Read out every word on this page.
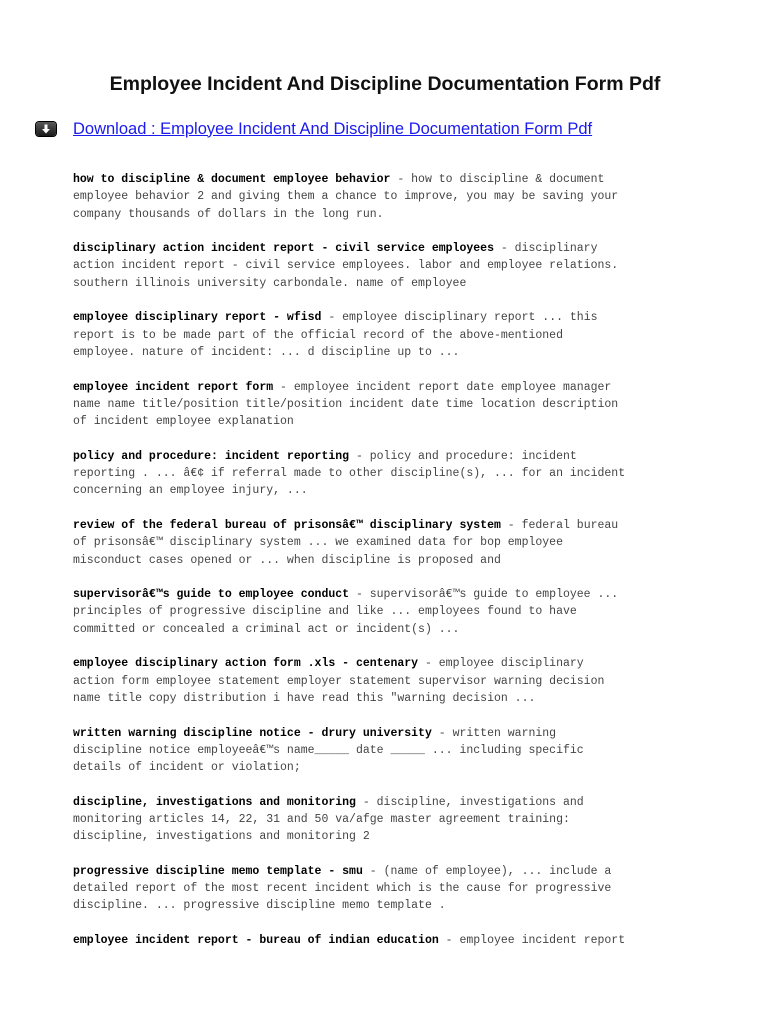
Employee Incident And Discipline Documentation Form Pdf
Download : Employee Incident And Discipline Documentation Form Pdf

how to discipline & document employee behavior - how to discipline & document
employee behavior 2 and giving them a chance to improve, you may be saving your
company thousands of dollars in the long run.

disciplinary action incident report - civil service employees - disciplinary
action incident report - civil service employees. labor and employee relations.
southern illinois university carbondale. name of employee

employee disciplinary report - wfisd - employee disciplinary report ... this
report is to be made part of the official record of the above-mentioned
employee. nature of incident: ... d discipline up to ...

employee incident report form - employee incident report date employee manager
name name title/position title/position incident date time location description
of incident employee explanation

policy and procedure: incident reporting - policy and procedure: incident
reporting . ... â€¢ if referral made to other discipline(s), ... for an incident
concerning an employee injury, ...

review of the federal bureau of prisonsâ€™ disciplinary system - federal bureau
of prisonsâ€™ disciplinary system ... we examined data for bop employee
misconduct cases opened or ... when discipline is proposed and

supervisorâ€™s guide to employee conduct - supervisorâ€™s guide to employee ...
principles of progressive discipline and like ... employees found to have
committed or concealed a criminal act or incident(s) ...

employee disciplinary action form .xls - centenary - employee disciplinary
action form employee statement employer statement supervisor warning decision
name title copy distribution i have read this "warning decision ...

written warning discipline notice - drury university - written warning
discipline notice employeeâ€™s name_____ date _____ ... including specific
details of incident or violation;

discipline, investigations and monitoring - discipline, investigations and
monitoring articles 14, 22, 31 and 50 va/afge master agreement training:
discipline, investigations and monitoring 2

progressive discipline memo template - smu - (name of employee), ... include a
detailed report of the most recent incident which is the cause for progressive
discipline. ... progressive discipline memo template .

employee incident report - bureau of indian education - employee incident report
